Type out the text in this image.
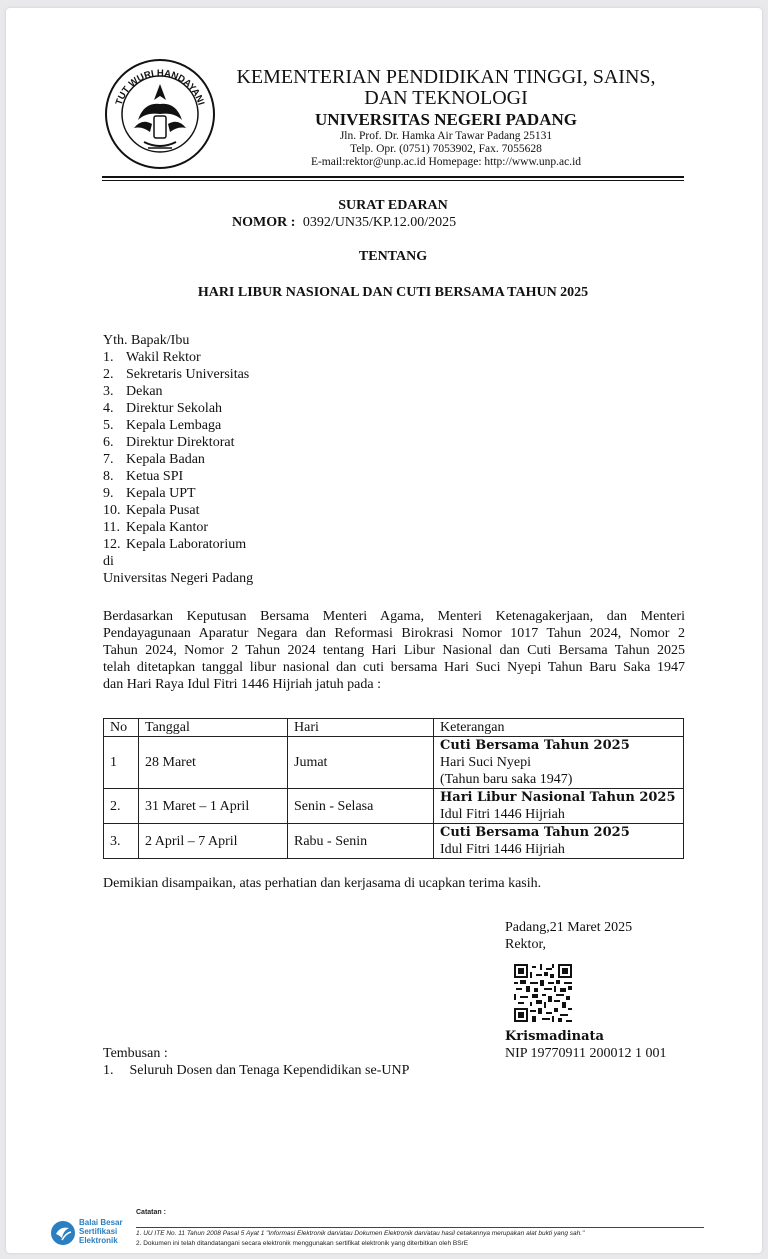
TUT WURI HANDAYANI
KEMENTERIAN PENDIDIKAN TINGGI, SAINS,
DAN TEKNOLOGI
UNIVERSITAS NEGERI PADANG
Jln. Prof. Dr. Hamka Air Tawar Padang 25131
Telp. Opr. (0751) 7053902, Fax. 7055628
E-mail:rektor@unp.ac.id Homepage: http://www.unp.ac.id
SURAT EDARAN
NOMOR : 0392/UN35/KP.12.00/2025
TENTANG
HARI LIBUR NASIONAL DAN CUTI BERSAMA TAHUN 2025
Yth. Bapak/Ibu
1. Wakil Rektor
2. Sekretaris Universitas
3. Dekan
4. Direktur Sekolah
5. Kepala Lembaga
6. Direktur Direktorat
7. Kepala Badan
8. Ketua SPI
9. Kepala UPT
10. Kepala Pusat
11. Kepala Kantor
12. Kepala Laboratorium
di
Universitas Negeri Padang
Berdasarkan Keputusan Bersama Menteri Agama, Menteri Ketenagakerjaan, dan Menteri
Pendayagunaan Aparatur Negara dan Reformasi Birokrasi Nomor 1017 Tahun 2024, Nomor 2
Tahun 2024, Nomor 2 Tahun 2024 tentang Hari Libur Nasional dan Cuti Bersama Tahun 2025
telah ditetapkan tanggal libur nasional dan cuti bersama Hari Suci Nyepi Tahun Baru Saka 1947
dan Hari Raya Idul Fitri 1446 Hijriah jatuh pada :
No	Tanggal	Hari	Keterangan
1	28 Maret	Jumat	Cuti Bersama Tahun 2025
Hari Suci Nyepi
(Tahun baru saka 1947)

2.	31 Maret – 1 April	Senin - Selasa	Hari Libur Nasional Tahun 2025
Idul Fitri 1446 Hijriah

3.	2 April – 7 April	Rabu - Senin	Cuti Bersama Tahun 2025
Idul Fitri 1446 Hijriah
Demikian disampaikan, atas perhatian dan kerjasama di ucapkan terima kasih.
Padang,21 Maret 2025
Rektor,
Krismadinata
NIP 19770911 200012 1 001
Tembusan :
1. Seluruh Dosen dan Tenaga Kependidikan se-UNP
Balai Besar
Sertifikasi
Elektronik
Catatan :
1. UU ITE No. 11 Tahun 2008 Pasal 5 Ayat 1 "Informasi Elektronik dan/atau Dokumen Elektronik dan/atau hasil cetakannya merupakan alat bukti yang sah."
2. Dokumen ini telah ditandatangani secara elektronik menggunakan sertifikat elektronik yang diterbitkan oleh BSrE
